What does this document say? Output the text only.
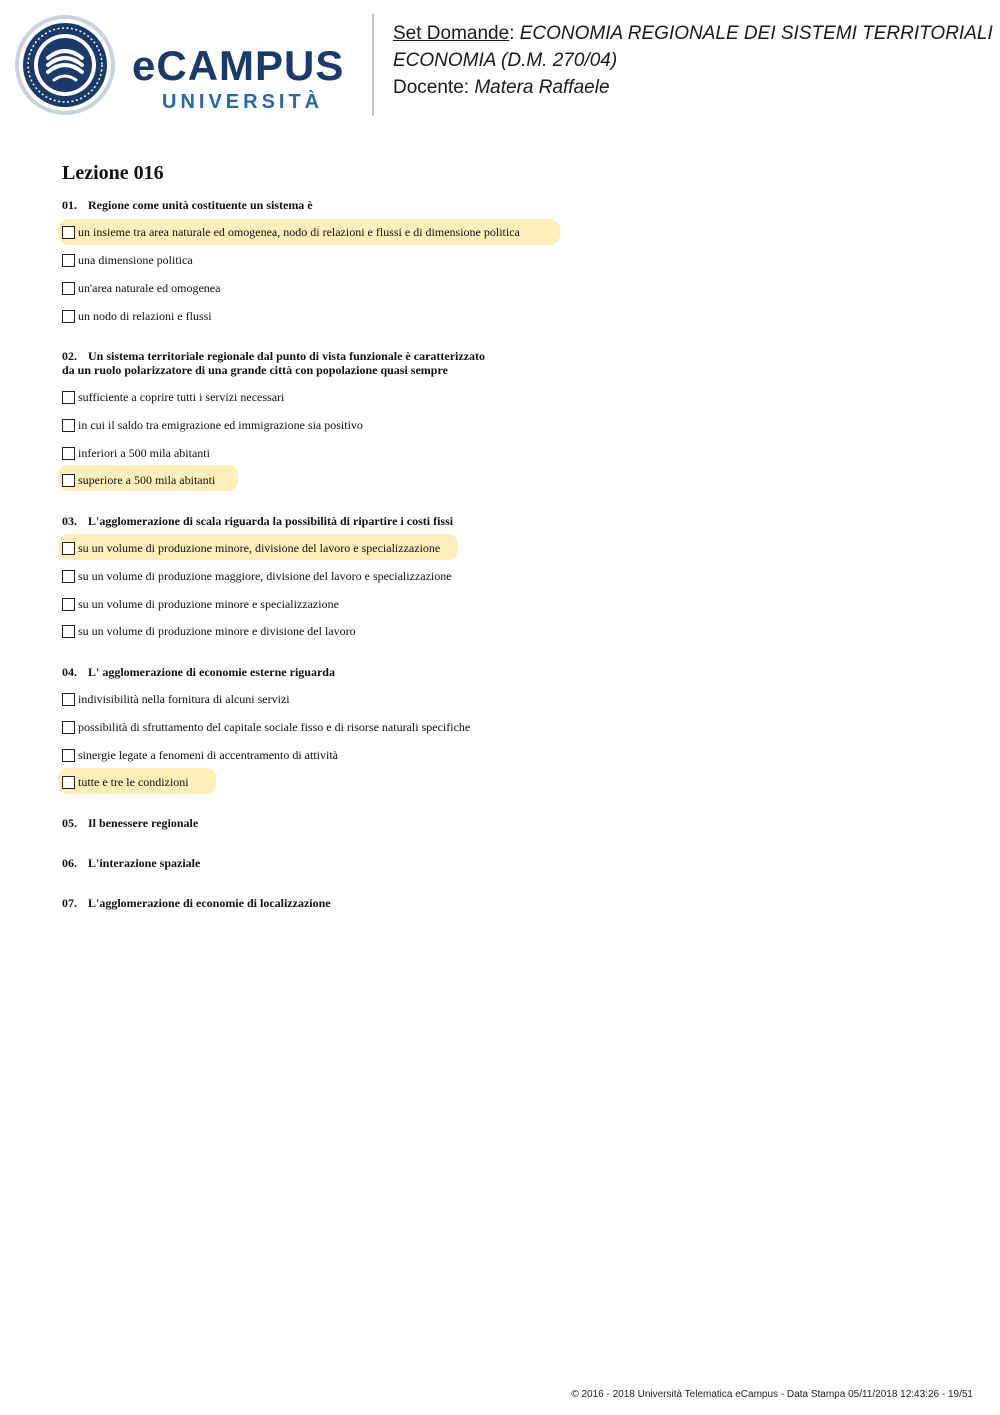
eCAMPUS
UNIVERSITÀ
Set Domande: ECONOMIA REGIONALE DEI SISTEMI TERRITORIALI
ECONOMIA (D.M. 270/04)
Docente: Matera Raffaele
Lezione 016

01. Regione come unità costituente un sistema è

un insieme tra area naturale ed omogenea, nodo di relazioni e flussi e di dimensione politica
una dimensione politica
un'area naturale ed omogenea
un nodo di relazioni e flussi

02. Un sistema territoriale regionale dal punto di vista funzionale è caratterizzato
da un ruolo polarizzatore di una grande città con popolazione quasi sempre

sufficiente a coprire tutti i servizi necessari
in cui il saldo tra emigrazione ed immigrazione sia positivo
inferiori a 500 mila abitanti
superiore a 500 mila abitanti

03. L'agglomerazione di scala riguarda la possibilità di ripartire i costi fissi

su un volume di produzione minore, divisione del lavoro e specializzazione
su un volume di produzione maggiore, divisione del lavoro e specializzazione
su un volume di produzione minore e specializzazione
su un volume di produzione minore e divisione del lavoro

04. L' agglomerazione di economie esterne riguarda

indivisibilità nella fornitura di alcuni servizi
possibilità di sfruttamento del capitale sociale fisso e di risorse naturali specifiche
sinergie legate a fenomeni di accentramento di attività
tutte e tre le condizioni

05. Il benessere regionale

06. L'interazione spaziale

07. L'agglomerazione di economie di localizzazione

© 2016 - 2018 Università Telematica eCampus - Data Stampa 05/11/2018 12:43:26 - 19/51
